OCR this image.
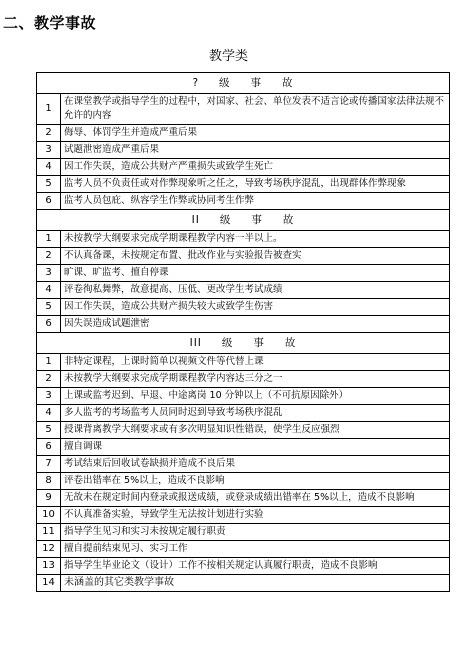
二、教学事故
教学类
? 级 事 故	
1	在课堂教学或指导学生的过程中，对国家、社会、单位发表不适言论或传播国家法律法规不允许的内容
2	侮辱、体罚学生并造成严重后果
3	试题泄密造成严重后果
4	因工作失误，造成公共财产严重损失或致学生死亡
5	监考人员不负责任或对作弊现象听之任之，导致考场秩序混乱，出现群体作弊现象
6	监考人员包庇、纵容学生作弊或协同考生作弊
II 级 事 故	
1	未按教学大纲要求完成学期课程教学内容一半以上。
2	不认真备课，未按规定布置、批改作业与实验报告被查实
3	旷课、旷监考、擅自停课
4	评卷徇私舞弊，故意提高、压低、更改学生考试成绩
5	因工作失误，造成公共财产损失较大或致学生伤害
6	因失误造成试题泄密
III 级 事 故	
1	非特定课程，上课时简单以视频文件等代替上课
2	未按教学大纲要求完成学期课程教学内容达三分之一
3	上课或监考迟到、早退、中途离岗 10 分钟以上（不可抗原因除外）
4	多人监考的考场监考人员同时迟到导致考场秩序混乱
5	授课背离教学大纲要求或有多次明显知识性错误，使学生反应强烈
6	擅自调课
7	考试结束后回收试卷缺损并造成不良后果
8	评卷出错率在 5%以上，造成不良影响
9	无故未在规定时间内登录或报送成绩，或登录成绩出错率在 5%以上，造成不良影响
10	不认真准备实验，导致学生无法按计划进行实验
11	指导学生见习和实习未按规定履行职责
12	擅自提前结束见习、实习工作
13	指导学生毕业论文（设计）工作不按相关规定认真履行职责，造成不良影响
14	未涵盖的其它类教学事故
